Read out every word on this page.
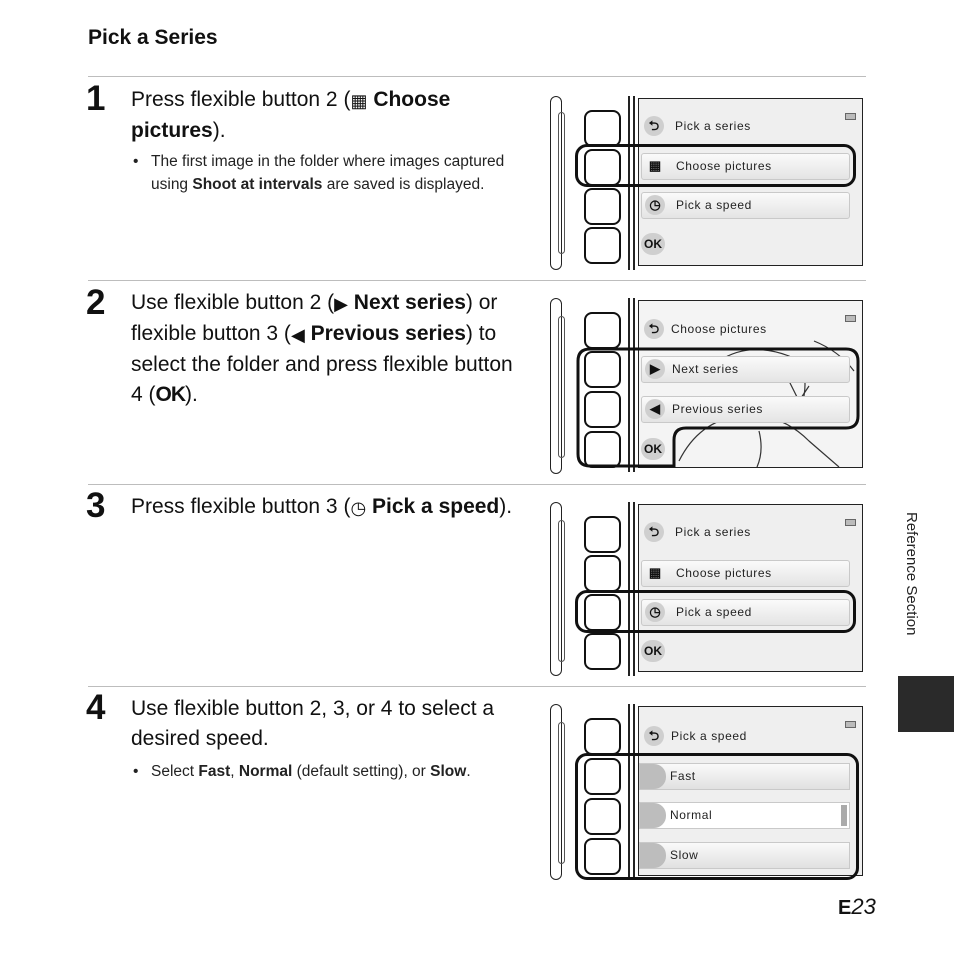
Pick a Series
1 Press flexible button 2 (▦ Choose pictures).
• The first image in the folder where images captured using Shoot at intervals are saved is displayed.
⮌	Pick a series
▦	Choose pictures
◷	Pick a speed
OK
2 Use flexible button 2 (▶ Next series) or flexible button 3 (◀ Previous series) to select the folder and press flexible button 4 (OK).
⮌ Choose pictures
▶	Next series
◀	Previous series
OK
3 Press flexible button 3 (◷ Pick a speed).
⮌	Pick a series
▦	Choose pictures
◷	Pick a speed
OK
4 Use flexible button 2, 3, or 4 to select a desired speed.
• Select Fast, Normal (default setting), or Slow.
⮌ Pick a speed
Fast
Normal
Slow
Reference Section
E23
